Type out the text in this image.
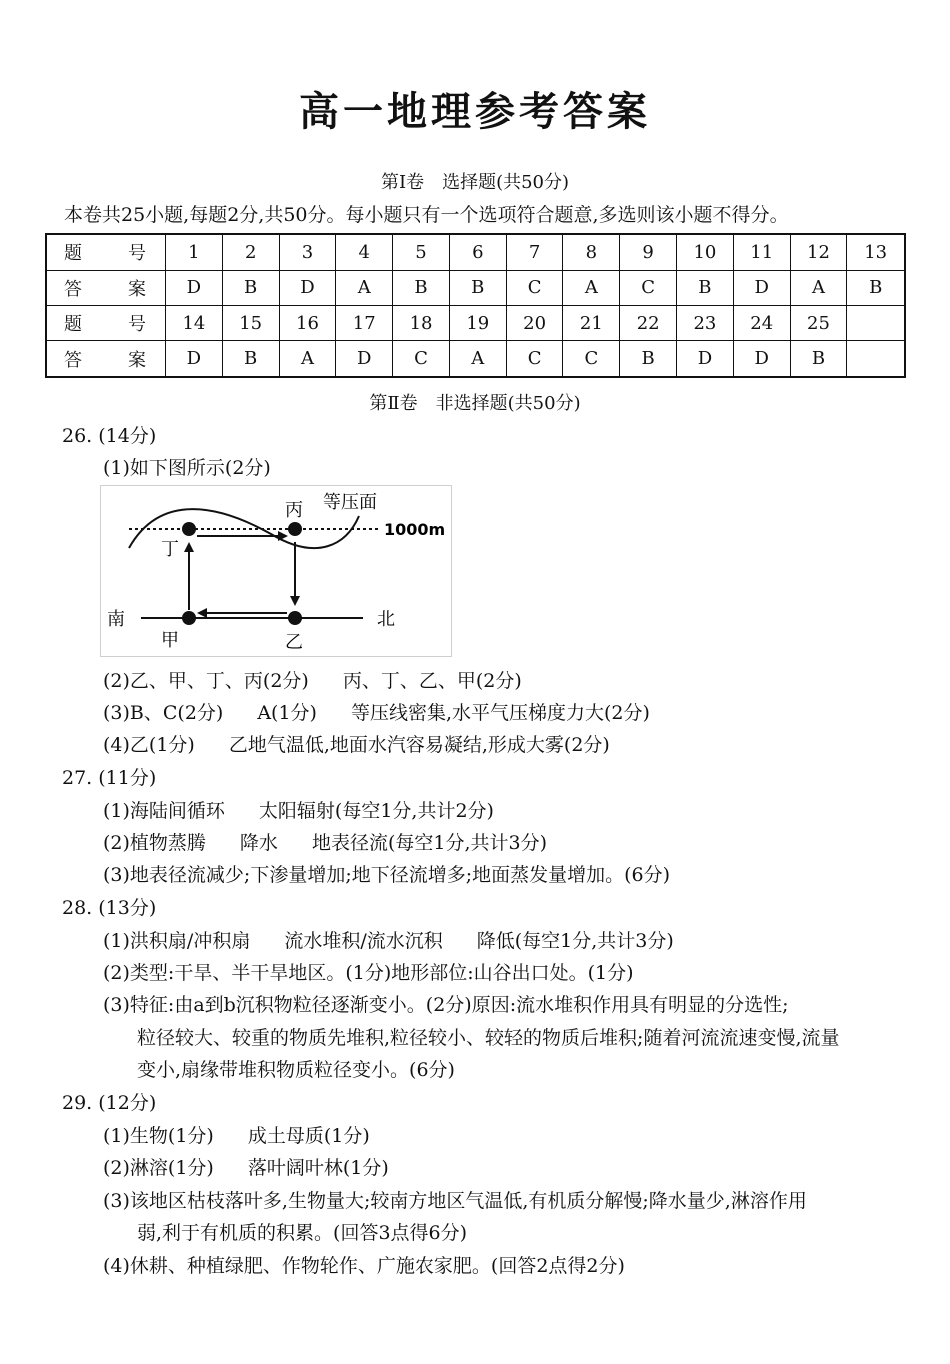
高一地理参考答案
第Ⅰ卷　选择题(共50分)
本卷共25小题,每题2分,共50分。每小题只有一个选项符合题意,多选则该小题不得分。
题　号	1	2	3	4	5	6	7	8	9	10	11	12	13
答　案	D	B	D	A	B	B	C	A	C	B	D	A	B
题　号	14	15	16	17	18	19	20	21	22	23	24	25	
答　案	D	B	A	D	C	A	C	C	B	D	D	B	
第Ⅱ卷　非选择题(共50分)
26. (14分)
(1)如下图所示(2分)
等压面
1000m
丙
丁
南	北
甲	乙
(2)乙、甲、丁、丙(2分) 丙、丁、乙、甲(2分)
(3)B、C(2分) A(1分) 等压线密集,水平气压梯度力大(2分)
(4)乙(1分) 乙地气温低,地面水汽容易凝结,形成大雾(2分)
27. (11分)
(1)海陆间循环 太阳辐射(每空1分,共计2分)
(2)植物蒸腾 降水 地表径流(每空1分,共计3分)
(3)地表径流减少;下渗量增加;地下径流增多;地面蒸发量增加。(6分)
28. (13分)
(1)洪积扇/冲积扇 流水堆积/流水沉积 降低(每空1分,共计3分)
(2)类型:干旱、半干旱地区。(1分)地形部位:山谷出口处。(1分)
(3)特征:由a到b沉积物粒径逐渐变小。(2分)原因:流水堆积作用具有明显的分选性;
粒径较大、较重的物质先堆积,粒径较小、较轻的物质后堆积;随着河流流速变慢,流量
变小,扇缘带堆积物质粒径变小。(6分)
29. (12分)
(1)生物(1分) 成土母质(1分)
(2)淋溶(1分) 落叶阔叶林(1分)
(3)该地区枯枝落叶多,生物量大;较南方地区气温低,有机质分解慢;降水量少,淋溶作用
弱,利于有机质的积累。(回答3点得6分)
(4)休耕、种植绿肥、作物轮作、广施农家肥。(回答2点得2分)
